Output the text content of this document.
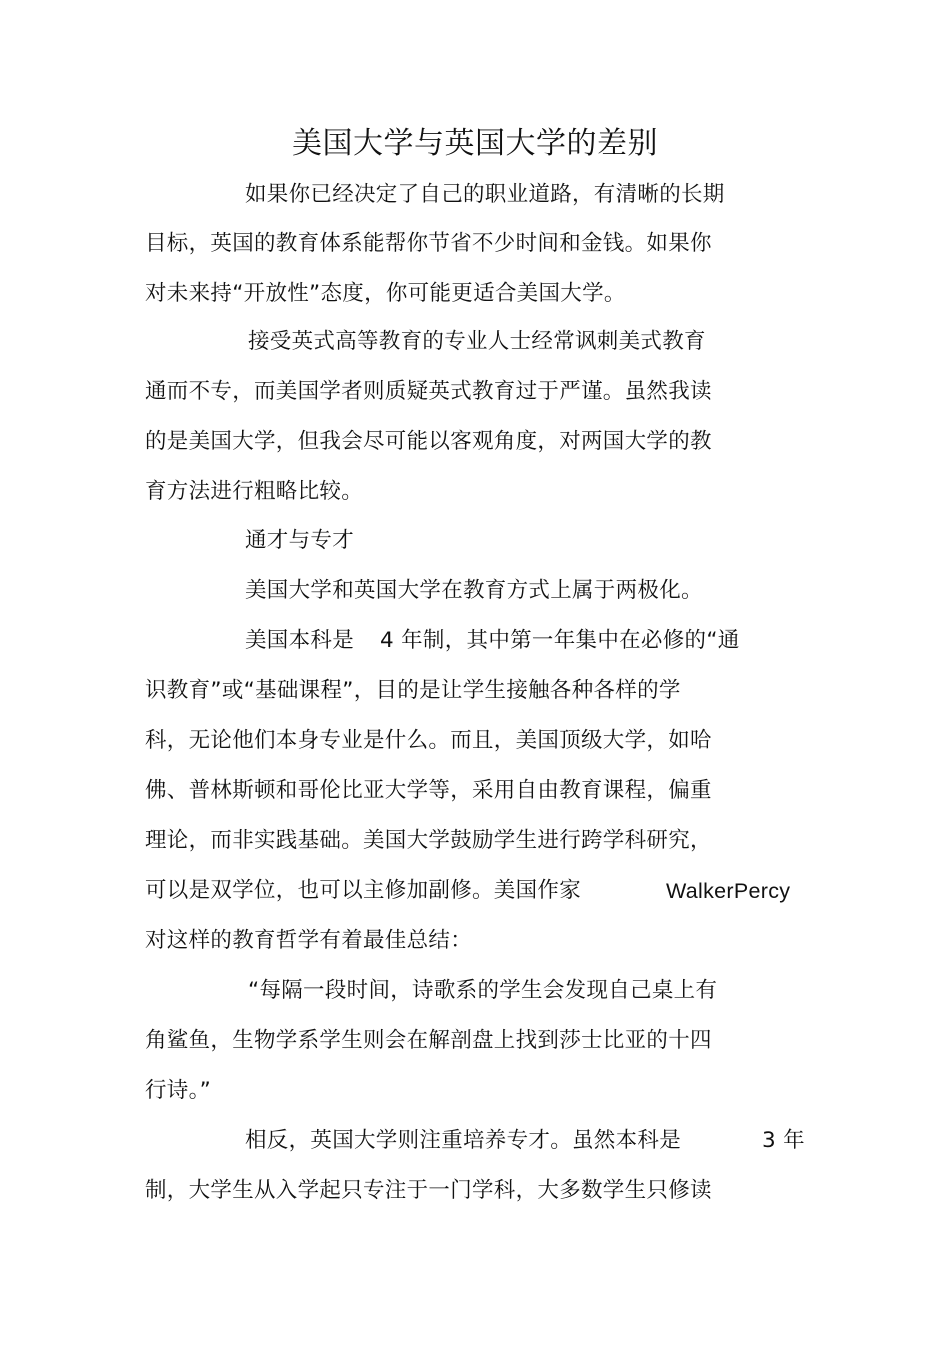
美国大学与英国大学的差别
如果你已经决定了自己的职业道路，有清晰的长期
目标，英国的教育体系能帮你节省不少时间和金钱。如果你
对未来持“开放性”态度，你可能更适合美国大学。
接受英式高等教育的专业人士经常讽刺美式教育
通而不专，而美国学者则质疑英式教育过于严谨。虽然我读
的是美国大学，但我会尽可能以客观角度，对两国大学的教
育方法进行粗略比较。
通才与专才
美国大学和英国大学在教育方式上属于两极化。
美国本科是 4 年制，其中第一年集中在必修的“通
识教育”或“基础课程”，目的是让学生接触各种各样的学
科，无论他们本身专业是什么。而且，美国顶级大学，如哈
佛、普林斯顿和哥伦比亚大学等，采用自由教育课程，偏重
理论，而非实践基础。美国大学鼓励学生进行跨学科研究，
可以是双学位，也可以主修加副修。美国作家	WalkerPercy
对这样的教育哲学有着最佳总结：
“每隔一段时间，诗歌系的学生会发现自己桌上有
角鲨鱼，生物学系学生则会在解剖盘上找到莎士比亚的十四
行诗。”
相反，英国大学则注重培养专才。虽然本科是	3 年
制，大学生从入学起只专注于一门学科，大多数学生只修读
